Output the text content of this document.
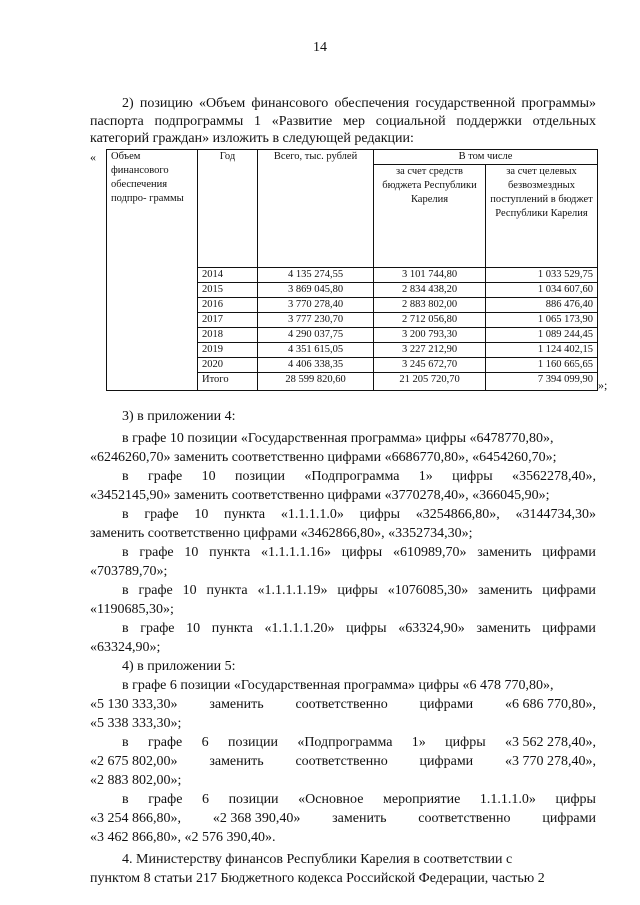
14
2) позицию «Объем финансового обеспечения государственной программы» паспорта подпрограммы 1 «Развитие мер социальной поддержки отдельных категорий граждан» изложить в следующей редакции:
« Объем финансового обеспечения подпро- граммы	Год	Всего, тыс. рублей	В том числе	
			за счет средств бюджета Республики Карелия	за счет целевых безвозмездных поступлений в бюджет Республики Карелия
	2014	4 135 274,55	3 101 744,80	1 033 529,75
	2015	3 869 045,80	2 834 438,20	1 034 607,60
	2016	3 770 278,40	2 883 802,00	886 476,40
	2017	3 777 230,70	2 712 056,80	1 065 173,90
	2018	4 290 037,75	3 200 793,30	1 089 244,45
	2019	4 351 615,05	3 227 212,90	1 124 402,15
	2020	4 406 338,35	3 245 672,70	1 160 665,65
	Итого	28 599 820,60	21 205 720,70	7 394 099,90 »;
3) в приложении 4:
в графе 10 позиции «Государственная программа» цифры «6478770,80»,
«6246260,70» заменить соответственно цифрами «6686770,80», «6454260,70»;
в графе 10 позиции «Подпрограмма 1» цифры «3562278,40»,
«3452145,90» заменить соответственно цифрами «3770278,40», «366045,90»;
в графе 10 пункта «1.1.1.1.0» цифры «3254866,80», «3144734,30»
заменить соответственно цифрами «3462866,80», «3352734,30»;
в графе 10 пункта «1.1.1.1.16» цифры «610989,70» заменить цифрами
«703789,70»;
в графе 10 пункта «1.1.1.1.19» цифры «1076085,30» заменить цифрами
«1190685,30»;
в графе 10 пункта «1.1.1.1.20» цифры «63324,90» заменить цифрами
«63324,90»;
4) в приложении 5:
в графе 6 позиции «Государственная программа» цифры «6 478 770,80»,
«5 130 333,30» заменить соответственно цифрами «6 686 770,80»,
«5 338 333,30»;
в графе 6 позиции «Подпрограмма 1» цифры «3 562 278,40»,
«2 675 802,00» заменить соответственно цифрами «3 770 278,40»,
«2 883 802,00»;
в графе 6 позиции «Основное мероприятие 1.1.1.1.0» цифры
«3 254 866,80», «2 368 390,40» заменить соответственно цифрами
«3 462 866,80», «2 576 390,40».
4. Министерству финансов Республики Карелия в соответствии с
пунктом 8 статьи 217 Бюджетного кодекса Российской Федерации, частью 2
